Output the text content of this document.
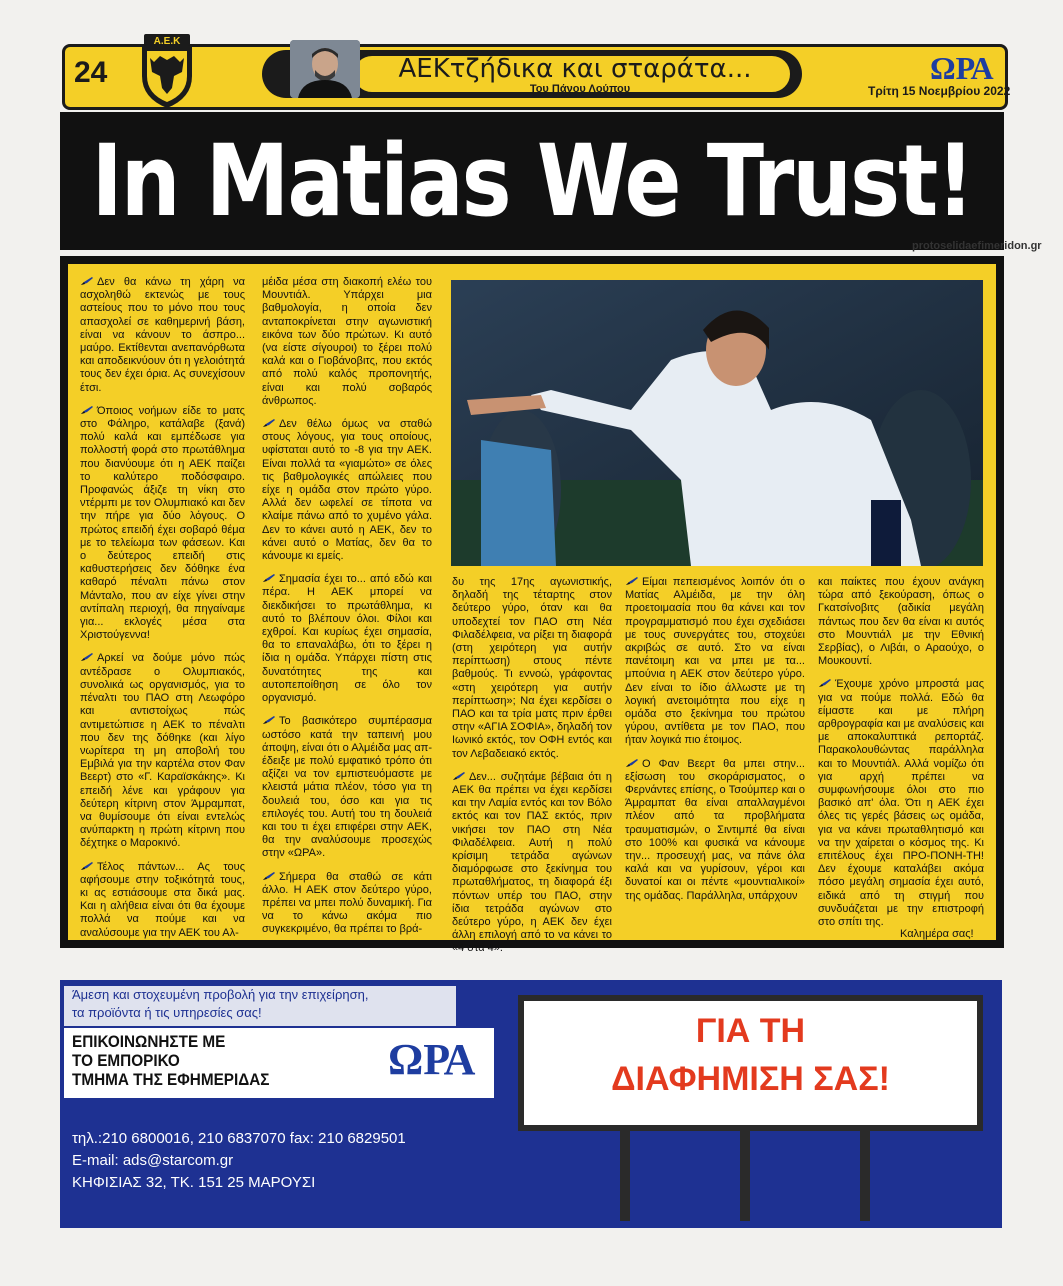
24
Α.Ε.Κ
ΑΕΚτζήδικα και σταράτα...
Του Πάνου Λούπου
ΩΡΑ
Τρίτη 15 Νοεμβρίου 2022
In Matias We Trust!
protoselidaefimeridon.gr

Δεν θα κάνω τη χάρη να ασχοληθώ εκτενώς με τους αστείους που το μόνο που τους απασχολεί σε καθημερινή βάση, είναι να κάνουν το άσπρο... μαύρο. Εκτίθενται ανεπανόρθωτα και αποδεικνύουν ότι η γελοιότητά τους δεν έχει όρια. Ας συνεχίσουν έτσι.

Όποιος νοήμων είδε το ματς στο Φάληρο, κατάλαβε (ξανά) πολύ καλά και εμπέδωσε για πολλοστή φορά στο πρωτάθλημα που διανύουμε ότι η ΑΕΚ παίζει το καλύτερο ποδόσφαιρο. Προφανώς άξιζε τη νίκη στο ντέρμπι με τον Ολυμπιακό και δεν την πήρε για δύο λόγους. Ο πρώτος επειδή έχει σοβαρό θέμα με το τελείωμα των φάσεων. Και ο δεύτερος επειδή στις καθυστερήσεις δεν δόθηκε ένα καθαρό πέναλτι πάνω στον Μάνταλο, που αν είχε γίνει στην αντίπαλη περιοχή, θα πηγαίναμε για... εκλογές μέσα στα Χριστούγεννα!

Αρκεί να δούμε μόνο πώς αντέδρασε ο Ολυμπιακός, συνολικά ως οργανισμός, για το πέναλτι του ΠΑΟ στη Λεωφόρο και αντιστοίχως πώς αντιμετώπισε η ΑΕΚ το πέναλτι που δεν της δόθηκε (και λίγο νωρίτερα τη μη αποβολή του Εμβιλά για την καρτέλα στον Φαν Βεερτ) στο «Γ. Καραϊσκάκης». Κι επειδή λένε και γράφουν για δεύτερη κίτρινη στον Άμραμπατ, να θυμίσουμε ότι είναι εντελώς ανύπαρκτη η πρώτη κίτρινη που δέχτηκε ο Μαροκινό.

Τέλος πάντων... Ας τους αφήσουμε στην τοξικότητά τους, κι ας εστιάσουμε στα δικά μας. Και η αλήθεια είναι ότι θα έχουμε πολλά να πούμε και να αναλύσουμε για την ΑΕΚ του Αλ-

μέιδα μέσα στη διακοπή ελέω του Μουντιάλ. Υπάρχει μια βαθμολογία, η οποία δεν ανταποκρίνεται στην αγωνιστική εικόνα των δύο πρώτων. Κι αυτό (να είστε σίγουροι) το ξέρει πολύ καλά και ο Γιοβάνοβιτς, που εκτός από πολύ καλός προπονητής, είναι και πολύ σοβαρός άνθρωπος.

Δεν θέλω όμως να σταθώ στους λόγους, για τους οποίους, υφίσταται αυτό το -8 για την ΑΕΚ. Είναι πολλά τα «γιαμώτο» σε όλες τις βαθμολογικές απώλειες που είχε η ομάδα στον πρώτο γύρο. Αλλά δεν ωφελεί σε τίποτα να κλαίμε πάνω από το χυμένο γάλα. Δεν το κάνει αυτό η ΑΕΚ, δεν το κάνει αυτό ο Ματίας, δεν θα το κάνουμε κι εμείς.

Σημασία έχει το... από εδώ και πέρα. Η ΑΕΚ μπορεί να διεκδικήσει το πρωτάθλημα, κι αυτό το βλέπουν όλοι. Φίλοι και εχθροί. Και κυρίως έχει σημασία, θα το επαναλάβω, ότι το ξέρει η ίδια η ομάδα. Υπάρχει πίστη στις δυνατότητες της και αυτοπεποίθηση σε όλο τον οργανισμό.

Το βασικότερο συμπέρασμα ωστόσο κατά την ταπεινή μου άποψη, είναι ότι ο Αλμέιδα μας απ-έδειξε με πολύ εμφατικό τρόπο ότι αξίζει να τον εμπιστευόμαστε με κλειστά μάτια πλέον, τόσο για τη δουλειά του, όσο και για τις επιλογές του. Αυτή του τη δουλειά και του τι έχει επιφέρει στην ΑΕΚ, θα την αναλύσουμε προσεχώς στην «ΩΡΑ».

Σήμερα θα σταθώ σε κάτι άλλο. Η ΑΕΚ στον δεύτερο γύρο, πρέπει να μπει πολύ δυναμική. Για να το κάνω ακόμα πιο συγκεκριμένο, θα πρέπει το βρά-

δυ της 17ης αγωνιστικής, δηλαδή της τέταρτης στον δεύτερο γύρο, όταν και θα υποδεχτεί τον ΠΑΟ στη Νέα Φιλαδέλφεια, να ρίξει τη διαφορά (στη χειρότερη για αυτήν περίπτωση) στους πέντε βαθμούς. Τι εννοώ, γράφοντας «στη χειρότερη για αυτήν περίπτωση»; Να έχει κερδίσει ο ΠΑΟ και τα τρία ματς πριν έρθει στην «ΑΓΙΑ ΣΟΦΙΑ», δηλαδή τον Ιωνικό εκτός, τον ΟΦΗ εντός και τον Λεβαδειακό εκτός.

Δεν... συζητάμε βέβαια ότι η ΑΕΚ θα πρέπει να έχει κερδίσει και την Λαμία εντός και τον Βόλο εκτός και τον ΠΑΣ εκτός, πριν νικήσει τον ΠΑΟ στη Νέα Φιλαδέλφεια. Αυτή η πολύ κρίσιμη τετράδα αγώνων διαμόρφωσε στο ξεκίνημα του πρωταθλήματος, τη διαφορά έξι πόντων υπέρ του ΠΑΟ, στην ίδια τετράδα αγώνων στο δεύτερο γύρο, η ΑΕΚ δεν έχει άλλη επιλογή από το να κάνει το «4 στα 4».

Είμαι πεπεισμένος λοιπόν ότι ο Ματίας Αλμέιδα, με την όλη προετοιμασία που θα κάνει και τον προγραμματισμό που έχει σχεδιάσει με τους συνεργάτες του, στοχεύει ακριβώς σε αυτό. Στο να είναι πανέτοιμη και να μπει με τα... μπούνια η ΑΕΚ στον δεύτερο γύρο. Δεν είναι το ίδιο άλλωστε με τη λογική ανετοιμότητα που είχε η ομάδα στο ξεκίνημα του πρώτου γύρου, αντίθετα με τον ΠΑΟ, που ήταν λογικά πιο έτοιμος.

Ο Φαν Βεερτ θα μπει στην... εξίσωση του σκοράρισματος, ο Φερνάντες επίσης, ο Τσούμπερ και ο Άμραμπατ θα είναι απαλλαγμένοι πλέον από τα προβλήματα τραυματισμών, ο Σιντιμπέ θα είναι στο 100% και φυσικά να κάνουμε την... προσευχή μας, να πάνε όλα καλά και να γυρίσουν, γέροι και δυνατοί και οι πέντε «μουντιαλικοί» της ομάδας. Παράλληλα, υπάρχουν

και παίκτες που έχουν ανάγκη τώρα από ξεκούραση, όπως ο Γκατσίνοβιτς (αδικία μεγάλη πάντως που δεν θα είναι κι αυτός στο Μουντιάλ με την Εθνική Σερβίας), ο Λιβάι, ο Αραούχο, ο Μουκουντί.

Έχουμε χρόνο μπροστά μας για να πούμε πολλά. Εδώ θα είμαστε και με πλήρη αρθρογραφία και με αναλύσεις και με αποκαλυπτικά ρεπορτάζ. Παρακολουθώντας παράλληλα και το Μουντιάλ. Αλλά νομίζω ότι για αρχή πρέπει να συμφωνήσουμε όλοι στο πιο βασικό απ' όλα. Ότι η ΑΕΚ έχει όλες τις γερές βάσεις ως ομάδα, για να κάνει πρωταθλητισμό και να την χαίρεται ο κόσμος της. Κι επιτέλους έχει ΠΡΟ-ΠΟΝΗ-ΤΗ! Δεν έχουμε καταλάβει ακόμα πόσο μεγάλη σημασία έχει αυτό, ειδικά από τη στιγμή που συνδυάζεται με την επιστροφή στο σπίτι της.

Καλημέρα σας!
Άμεση και στοχευμένη προβολή για την επιχείρηση,
τα προϊόντα ή τις υπηρεσίες σας!
ΕΠΙΚΟΙΝΩΝΗΣΤΕ ΜΕ
ΤΟ ΕΜΠΟΡΙΚΟ
ΤΜΗΜΑ ΤΗΣ ΕΦΗΜΕΡΙΔΑΣ	ΩΡΑ
τηλ.:210 6800016, 210 6837070 fax: 210 6829501
E-mail: ads@starcom.gr
ΚΗΦΙΣΙΑΣ 32, ΤΚ. 151 25 ΜΑΡΟΥΣΙ
ΓΙΑ ΤΗ
ΔΙΑΦΗΜΙΣΗ ΣΑΣ!
